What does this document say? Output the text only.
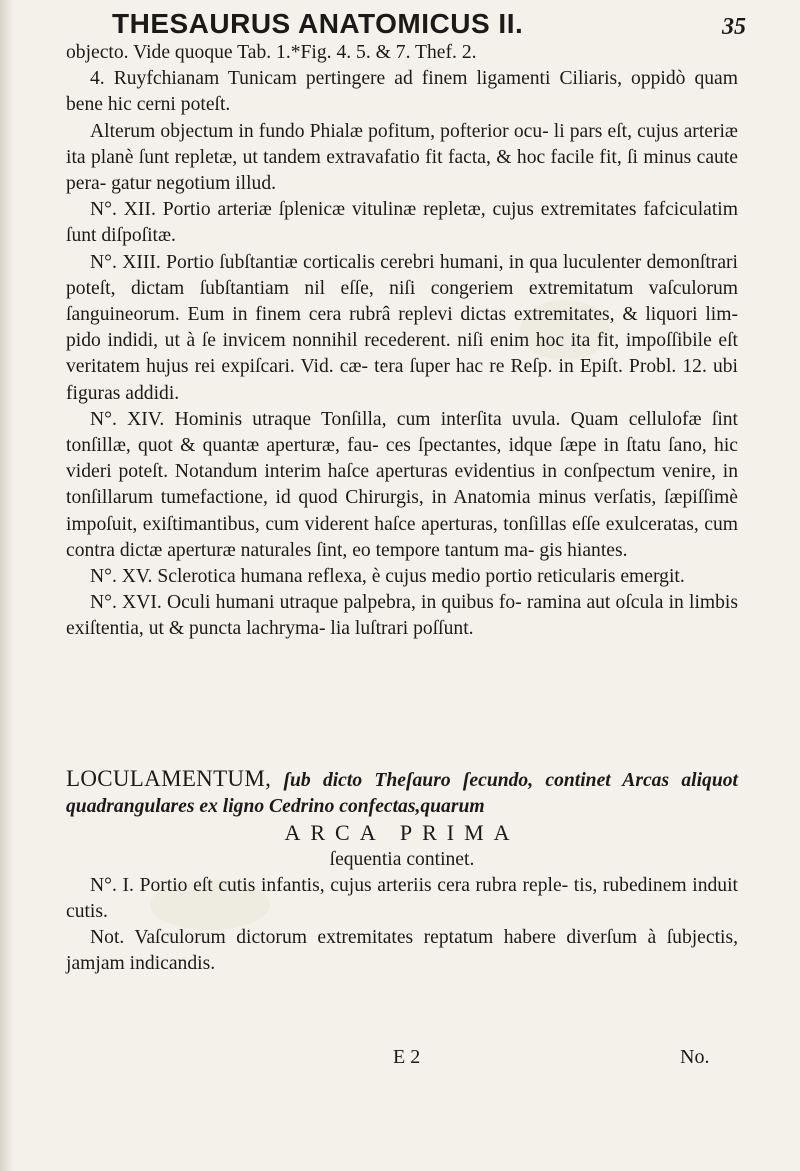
THESAURUS ANATOMICUS II.	35

objecto. Vide quoque Tab. 1.*Fig. 4. 5. & 7. Thef. 2.

4. Ruyfchianam Tunicam pertingere ad finem ligamenti Ciliaris, oppidò quam bene hic cerni poteſt.

Alterum objectum in fundo Phialæ pofitum, pofterior ocu- li pars eſt, cujus arteriæ ita planè ſunt repletæ, ut tandem extravafatio fit facta, & hoc facile fit, ſi minus caute pera- gatur negotium illud.

N°. XII. Portio arteriæ ſplenicæ vitulinæ repletæ, cujus extremitates fafciculatim ſunt diſpoſitæ.

N°. XIII. Portio ſubſtantiæ corticalis cerebri humani, in qua luculenter demonſtrari poteſt, dictam ſubſtantiam nil eſſe, niſi congeriem extremitatum vaſculorum ſanguineorum. Eum in finem cera rubrâ replevi dictas extremitates, & liquori lim- pido indidi, ut à ſe invicem nonnihil recederent. niſi enim hoc ita fit, impoſſibile eſt veritatem hujus rei expiſcari. Vid. cæ- tera ſuper hac re Reſp. in Epiſt. Probl. 12. ubi figuras addidi.

N°. XIV. Hominis utraque Tonſilla, cum interſita uvula. Quam cellulofæ ſint tonſillæ, quot & quantæ aperturæ, fau- ces ſpectantes, idque ſæpe in ſtatu ſano, hic videri poteſt. Notandum interim haſce aperturas evidentius in conſpectum venire, in tonſillarum tumefactione, id quod Chirurgis, in Anatomia minus verſatis, ſæpiſſimè impoſuit, exiſtimantibus, cum viderent haſce aperturas, tonſillas eſſe exulceratas, cum contra dictæ aperturæ naturales ſint, eo tempore tantum ma- gis hiantes.

N°. XV. Sclerotica humana reflexa, è cujus medio portio reticularis emergit.

N°. XVI. Oculi humani utraque palpebra, in quibus fo- ramina aut oſcula in limbis exiſtentia, ut & puncta lachryma- lia luſtrari poſſunt.

LOCULAMENTUM, ſub dicto Theſauro ſecundo, continet Arcas aliquot quadrangulares ex ligno Cedrino confectas,quarum

ARCA PRIMA

ſequentia continet.

N°. I. Portio eſt cutis infantis, cujus arteriis cera rubra reple- tis, rubedinem induit cutis.

Not. Vaſculorum dictorum extremitates reptatum habere diverſum à ſubjectis, jamjam indicandis.

E 2	No.
